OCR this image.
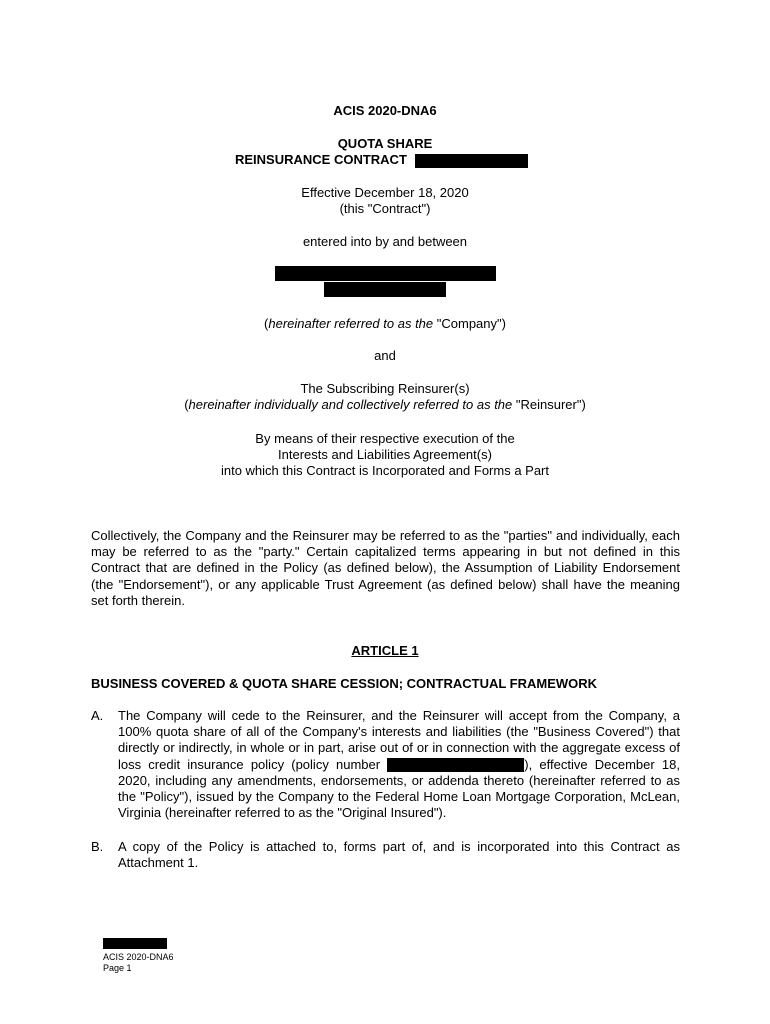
ACIS 2020-DNA6
QUOTA SHARE
REINSURANCE CONTRACT
Effective December 18, 2020
(this "Contract")
entered into by and between
(hereinafter referred to as the "Company")
and
The Subscribing Reinsurer(s)
(hereinafter individually and collectively referred to as the "Reinsurer")
By means of their respective execution of the
Interests and Liabilities Agreement(s)
into which this Contract is Incorporated and Forms a Part
Collectively, the Company and the Reinsurer may be referred to as the "parties" and individually, each may be referred to as the "party." Certain capitalized terms appearing in but not defined in this Contract that are defined in the Policy (as defined below), the Assumption of Liability Endorsement (the "Endorsement"), or any applicable Trust Agreement (as defined below) shall have the meaning set forth therein.
ARTICLE 1
BUSINESS COVERED & QUOTA SHARE CESSION; CONTRACTUAL FRAMEWORK
A. The Company will cede to the Reinsurer, and the Reinsurer will accept from the Company, a 100% quota share of all of the Company's interests and liabilities (the "Business Covered") that directly or indirectly, in whole or in part, arise out of or in connection with the aggregate excess of loss credit insurance policy (policy number	), effective December 18, 2020, including any amendments, endorsements, or addenda thereto (hereinafter referred to as the "Policy"), issued by the Company to the Federal Home Loan Mortgage Corporation, McLean, Virginia (hereinafter referred to as the "Original Insured").
B. A copy of the Policy is attached to, forms part of, and is incorporated into this Contract as Attachment 1.
ACIS 2020-DNA6
Page 1
